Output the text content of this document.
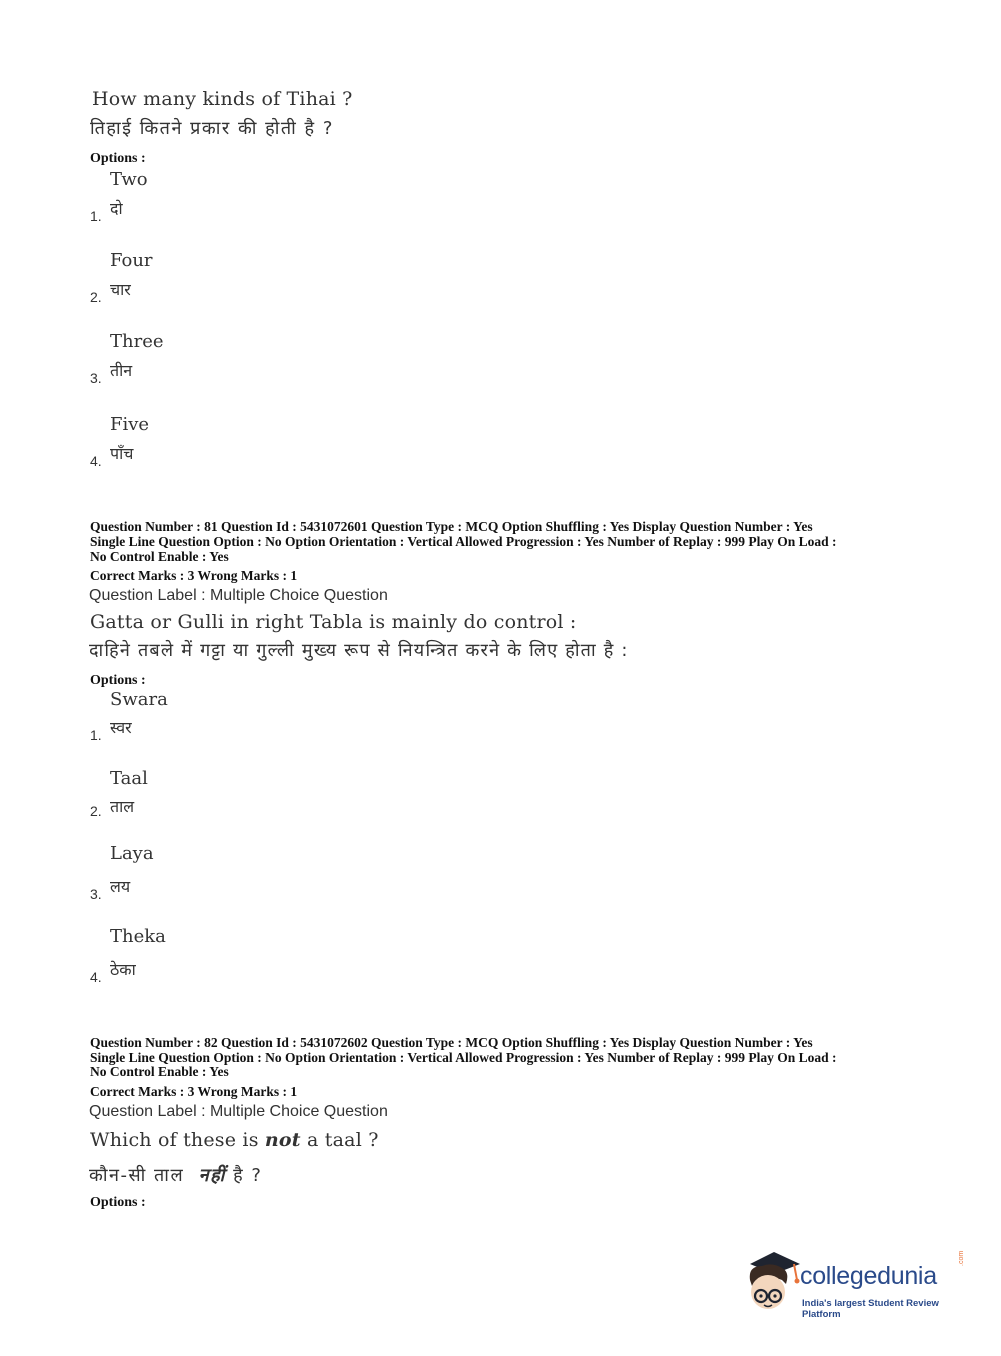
How many kinds of Tihai ?
तिहाई कितने प्रकार की होती है ?
Options :
Two
दो
1.
Four
चार
2.
Three
तीन
3.
Five
पाँच
4.
Question Number : 81 Question Id : 5431072601 Question Type : MCQ Option Shuffling : Yes Display Question Number : Yes
Single Line Question Option : No Option Orientation : Vertical Allowed Progression : Yes Number of Replay : 999 Play On Load :
No Control Enable : Yes
Correct Marks : 3 Wrong Marks : 1
Question Label : Multiple Choice Question
Gatta or Gulli in right Tabla is mainly do control :
दाहिने तबले में गट्टा या गुल्ली मुख्य रूप से नियन्त्रित करने के लिए होता है :
Options :
Swara
स्वर
1.
Taal
ताल
2.
Laya
लय
3.
Theka
ठेका
4.
Question Number : 82 Question Id : 5431072602 Question Type : MCQ Option Shuffling : Yes Display Question Number : Yes
Single Line Question Option : No Option Orientation : Vertical Allowed Progression : Yes Number of Replay : 999 Play On Load :
No Control Enable : Yes
Correct Marks : 3 Wrong Marks : 1
Question Label : Multiple Choice Question
Which of these is not a taal ?
कौन-सी ताल नहीं है ?
Options :
collegedunia
.com
India's largest Student Review Platform
